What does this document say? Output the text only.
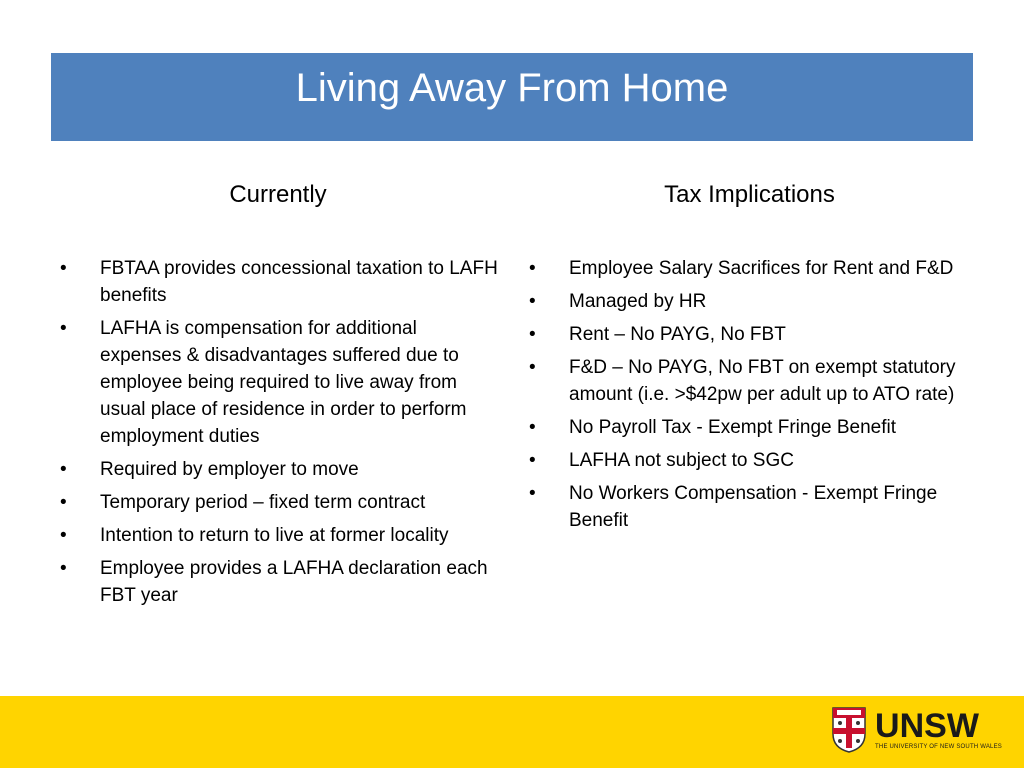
Living Away From Home
Currently
• FBTAA provides concessional taxation to LAFH benefits
• LAFHA is compensation for additional expenses & disadvantages suffered due to employee being required to live away from usual place of residence in order to perform employment duties
• Required by employer to move
• Temporary period – fixed term contract
• Intention to return to live at former locality
• Employee provides a LAFHA declaration each FBT year
Tax Implications
• Employee Salary Sacrifices for Rent and F&D
• Managed by HR
• Rent – No PAYG, No FBT
• F&D – No PAYG, No FBT on exempt statutory amount (i.e. >$42pw per adult up to ATO rate)
• No Payroll Tax - Exempt Fringe Benefit
• LAFHA not subject to SGC
• No Workers Compensation - Exempt Fringe Benefit
UNSW
THE UNIVERSITY OF NEW SOUTH WALES
